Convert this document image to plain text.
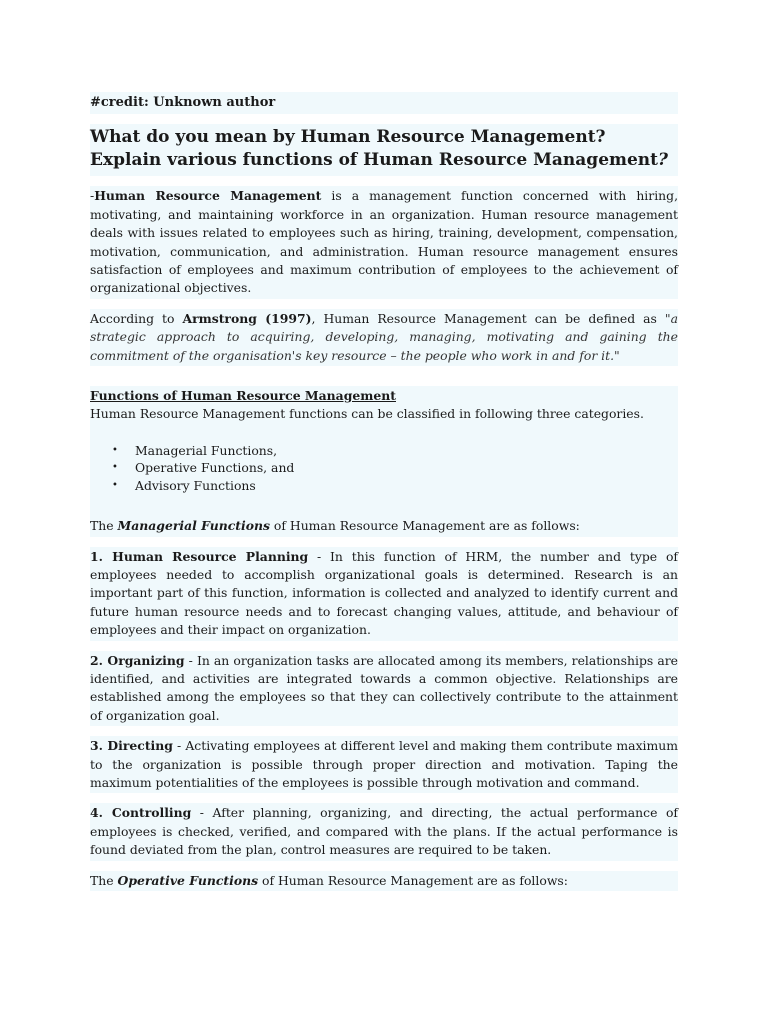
#credit: Unknown author
What do you mean by Human Resource Management? Explain various functions of Human Resource Management?

-Human Resource Management is a management function concerned with hiring, motivating, and maintaining workforce in an organization. Human resource management deals with issues related to employees such as hiring, training, development, compensation, motivation, communication, and administration. Human resource management ensures satisfaction of employees and maximum contribution of employees to the achievement of organizational objectives.

According to Armstrong (1997), Human Resource Management can be defined as "a strategic approach to acquiring, developing, managing, motivating and gaining the commitment of the organisation's key resource – the people who work in and for it."

Functions of Human Resource Management
Human Resource Management functions can be classified in following three categories.
• Managerial Functions,
• Operative Functions, and
• Advisory Functions

The Managerial Functions of Human Resource Management are as follows:

1. Human Resource Planning - In this function of HRM, the number and type of employees needed to accomplish organizational goals is determined. Research is an important part of this function, information is collected and analyzed to identify current and future human resource needs and to forecast changing values, attitude, and behaviour of employees and their impact on organization.

2. Organizing - In an organization tasks are allocated among its members, relationships are identified, and activities are integrated towards a common objective. Relationships are established among the employees so that they can collectively contribute to the attainment of organization goal.

3. Directing - Activating employees at different level and making them contribute maximum to the organization is possible through proper direction and motivation. Taping the maximum potentialities of the employees is possible through motivation and command.

4. Controlling - After planning, organizing, and directing, the actual performance of employees is checked, verified, and compared with the plans. If the actual performance is found deviated from the plan, control measures are required to be taken.

The Operative Functions of Human Resource Management are as follows:
